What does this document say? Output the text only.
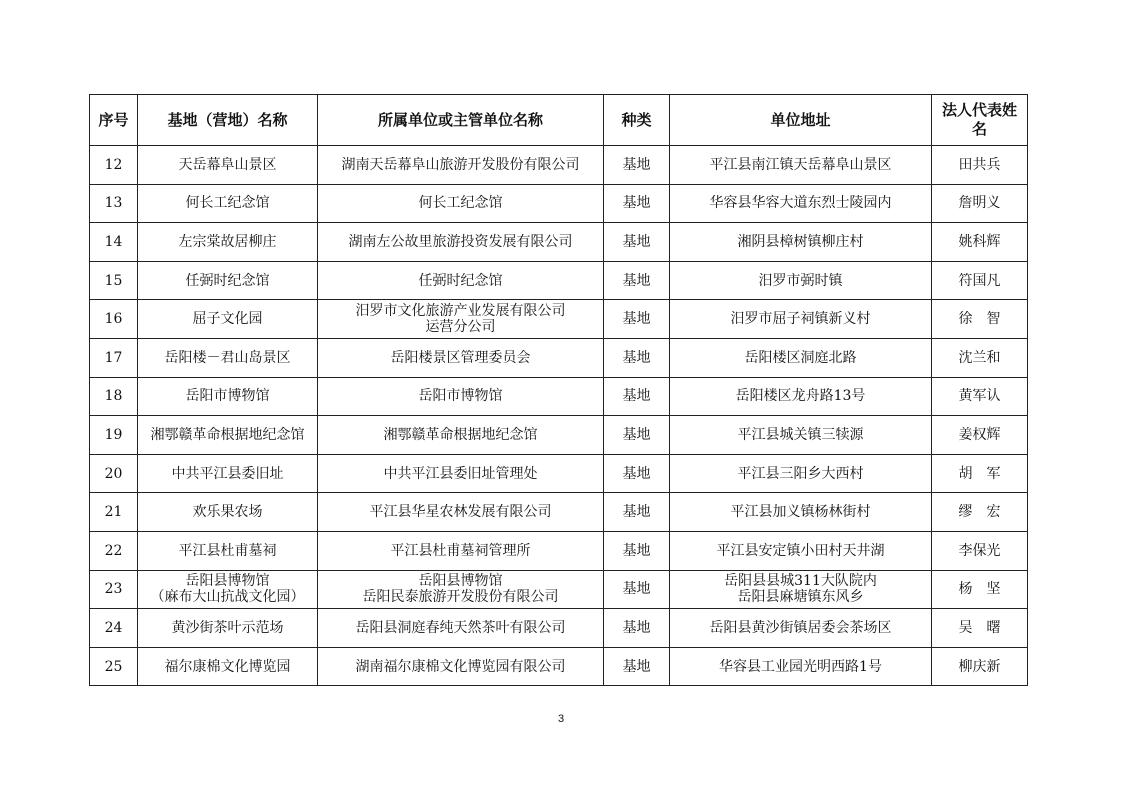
序号	基地（营地）名称	所属单位或主管单位名称	种类	单位地址	法人代表姓
名

12	天岳幕阜山景区	湖南天岳幕阜山旅游开发股份有限公司	基地	平江县南江镇天岳幕阜山景区	田共兵

13	何长工纪念馆	何长工纪念馆	基地	华容县华容大道东烈士陵园内	詹明义

14	左宗棠故居柳庄	湖南左公故里旅游投资发展有限公司	基地	湘阴县樟树镇柳庄村	姚科辉

15	任弼时纪念馆	任弼时纪念馆	基地	汨罗市弼时镇	符国凡

16	屈子文化园	汨罗市文化旅游产业发展有限公司
运营分公司	基地	汨罗市屈子祠镇新义村	徐　智

17	岳阳楼－君山岛景区	岳阳楼景区管理委员会	基地	岳阳楼区洞庭北路	沈兰和

18	岳阳市博物馆	岳阳市博物馆	基地	岳阳楼区龙舟路13号	黄军认

19	湘鄂赣革命根据地纪念馆	湘鄂赣革命根据地纪念馆	基地	平江县城关镇三犊源	姜权辉

20	中共平江县委旧址	中共平江县委旧址管理处	基地	平江县三阳乡大西村	胡　军

21	欢乐果农场	平江县华星农林发展有限公司	基地	平江县加义镇杨林街村	缪　宏

22	平江县杜甫墓祠	平江县杜甫墓祠管理所	基地	平江县安定镇小田村天井湖	李保光

23	岳阳县博物馆
（麻布大山抗战文化园）	岳阳县博物馆
岳阳民泰旅游开发股份有限公司	基地	岳阳县县城311大队院内
岳阳县麻塘镇东风乡	杨　坚

24	黄沙街茶叶示范场	岳阳县洞庭春纯天然茶叶有限公司	基地	岳阳县黄沙街镇居委会茶场区	吴　曙

25	福尔康棉文化博览园	湖南福尔康棉文化博览园有限公司	基地	华容县工业园光明西路1号	柳庆新
3
